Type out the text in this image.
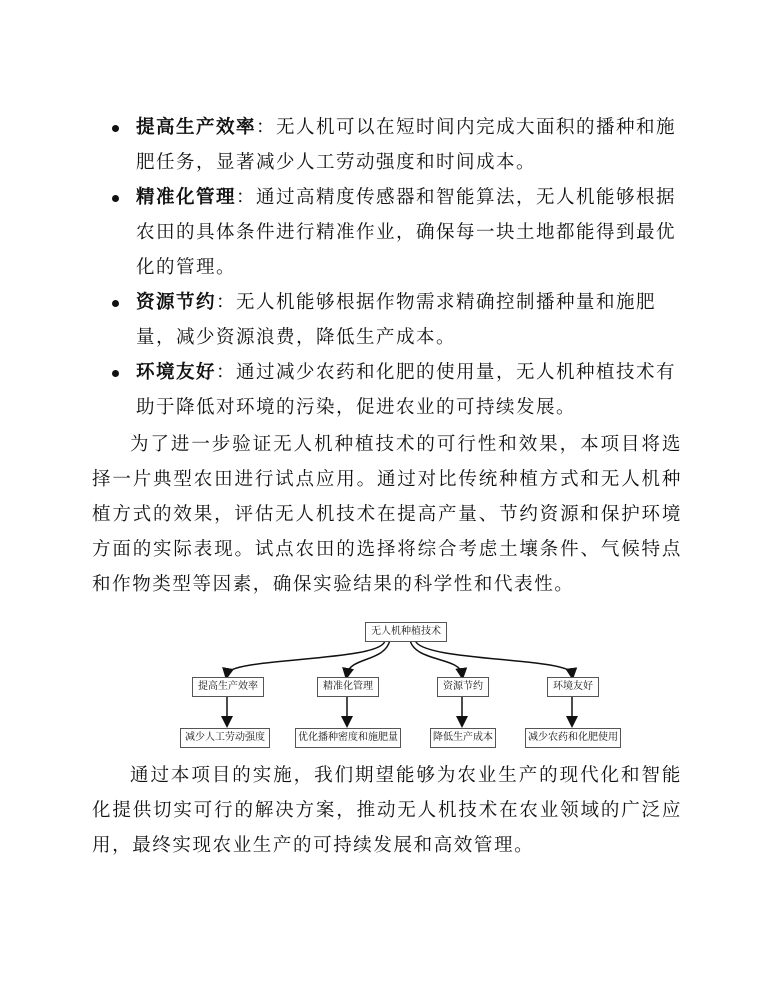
提高生产效率：无人机可以在短时间内完成大面积的播种和施肥任务，显著减少人工劳动强度和时间成本。
精准化管理：通过高精度传感器和智能算法，无人机能够根据农田的具体条件进行精准作业，确保每一块土地都能得到最优化的管理。
资源节约：无人机能够根据作物需求精确控制播种量和施肥量，减少资源浪费，降低生产成本。
环境友好：通过减少农药和化肥的使用量，无人机种植技术有助于降低对环境的污染，促进农业的可持续发展。

为了进一步验证无人机种植技术的可行性和效果，本项目将选择一片典型农田进行试点应用。通过对比传统种植方式和无人机种植方式的效果，评估无人机技术在提高产量、节约资源和保护环境方面的实际表现。试点农田的选择将综合考虑土壤条件、气候特点和作物类型等因素，确保实验结果的科学性和代表性。

无人机种植技术
提高生产效率	精准化管理	资源节约	环境友好
减少人工劳动强度	优化播种密度和施肥量	降低生产成本	减少农药和化肥使用

通过本项目的实施，我们期望能够为农业生产的现代化和智能化提供切实可行的解决方案，推动无人机技术在农业领域的广泛应用，最终实现农业生产的可持续发展和高效管理。
